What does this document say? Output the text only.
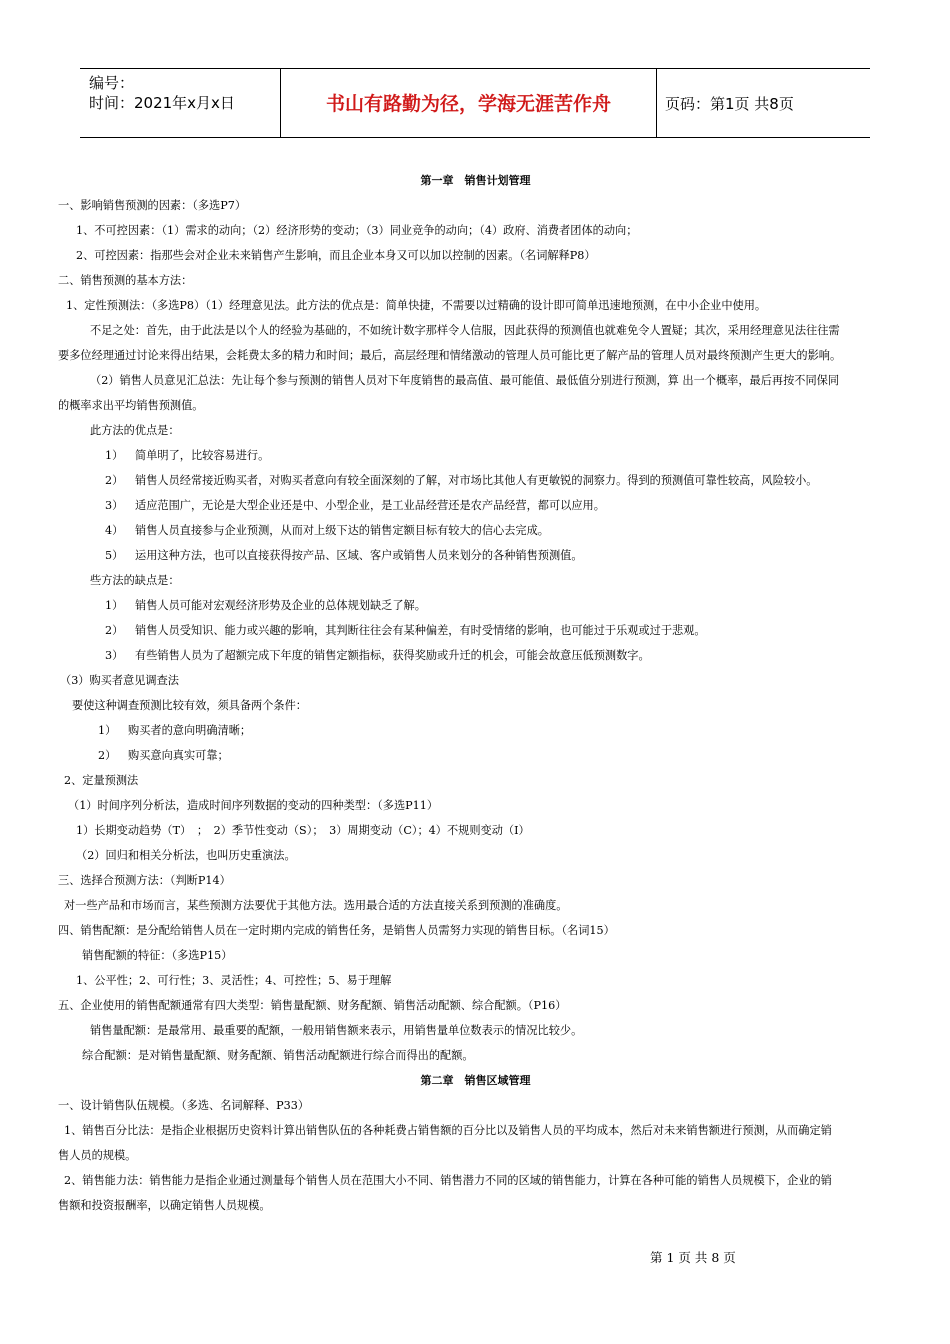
编号：
时间：2021年x月x日	书山有路勤为径，学海无涯苦作舟	页码：第1页 共8页
第一章　销售计划管理
一、影响销售预测的因素：（多选P7）
1、不可控因素：（1）需求的动向；（2）经济形势的变动；（3）同业竞争的动向；（4）政府、消费者团体的动向；
2、可控因素：指那些会对企业未来销售产生影响，而且企业本身又可以加以控制的因素。（名词解释P8）
二、销售预测的基本方法：
1、定性预测法：（多选P8）（1）经理意见法。此方法的优点是：简单快捷，不需要以过精确的设计即可简单迅速地预测，在中小企业中使用。
不足之处：首先，由于此法是以个人的经验为基础的，不如统计数字那样令人信服，因此获得的预测值也就难免令人置疑；其次，采用经理意见法往往需
要多位经理通过讨论来得出结果，会耗费太多的精力和时间；最后，高层经理和情绪激动的管理人员可能比更了解产品的管理人员对最终预测产生更大的影响。
（2）销售人员意见汇总法：先让每个参与预测的销售人员对下年度销售的最高值、最可能值、最低值分别进行预测，算 出一个概率，最后再按不同保同
的概率求出平均销售预测值。
此方法的优点是：
1） 简单明了，比较容易进行。
2） 销售人员经常接近购买者，对购买者意向有较全面深刻的了解，对市场比其他人有更敏锐的洞察力。得到的预测值可靠性较高，风险较小。
3） 适应范围广，无论是大型企业还是中、小型企业，是工业品经营还是农产品经营，都可以应用。
4） 销售人员直接参与企业预测，从而对上级下达的销售定额目标有较大的信心去完成。
5） 运用这种方法，也可以直接获得按产品、区域、客户或销售人员来划分的各种销售预测值。
些方法的缺点是：
1） 销售人员可能对宏观经济形势及企业的总体规划缺乏了解。
2） 销售人员受知识、能力或兴趣的影响，其判断往往会有某种偏差，有时受情绪的影响，也可能过于乐观或过于悲观。
3） 有些销售人员为了超额完成下年度的销售定额指标，获得奖励或升迁的机会，可能会故意压低预测数字。
（3）购买者意见调查法
要使这种调查预测比较有效，须具备两个条件：
1） 购买者的意向明确清晰；
2） 购买意向真实可靠；
2、定量预测法
（1）时间序列分析法，造成时间序列数据的变动的四种类型：（多选P11）
1）长期变动趋势（T）　；　2）季节性变动（S）；　3）周期变动（C）；4）不规则变动（I）
（2）回归和相关分析法，也叫历史重演法。
三、选择合预测方法：（判断P14）
对一些产品和市场而言，某些预测方法要优于其他方法。选用最合适的方法直接关系到预测的准确度。
四、销售配额：是分配给销售人员在一定时期内完成的销售任务，是销售人员需努力实现的销售目标。（名词15）
销售配额的特征：（多选P15）
1、公平性；2、可行性；3、灵活性；4、可控性；5、易于理解
五、企业使用的销售配额通常有四大类型：销售量配额、财务配额、销售活动配额、综合配额。（P16）
销售量配额：是最常用、最重要的配额，一般用销售额来表示，用销售量单位数表示的情况比较少。
综合配额：是对销售量配额、财务配额、销售活动配额进行综合而得出的配额。
第二章　销售区域管理
一、设计销售队伍规模。（多选、名词解释、P33）
1、销售百分比法：是指企业根据历史资料计算出销售队伍的各种耗费占销售额的百分比以及销售人员的平均成本，然后对未来销售额进行预测，从而确定销
售人员的规模。
2、销售能力法：销售能力是指企业通过测量每个销售人员在范围大小不同、销售潜力不同的区域的销售能力，计算在各种可能的销售人员规模下，企业的销
售额和投资报酬率，以确定销售人员规模。
第 1 页 共 8 页
